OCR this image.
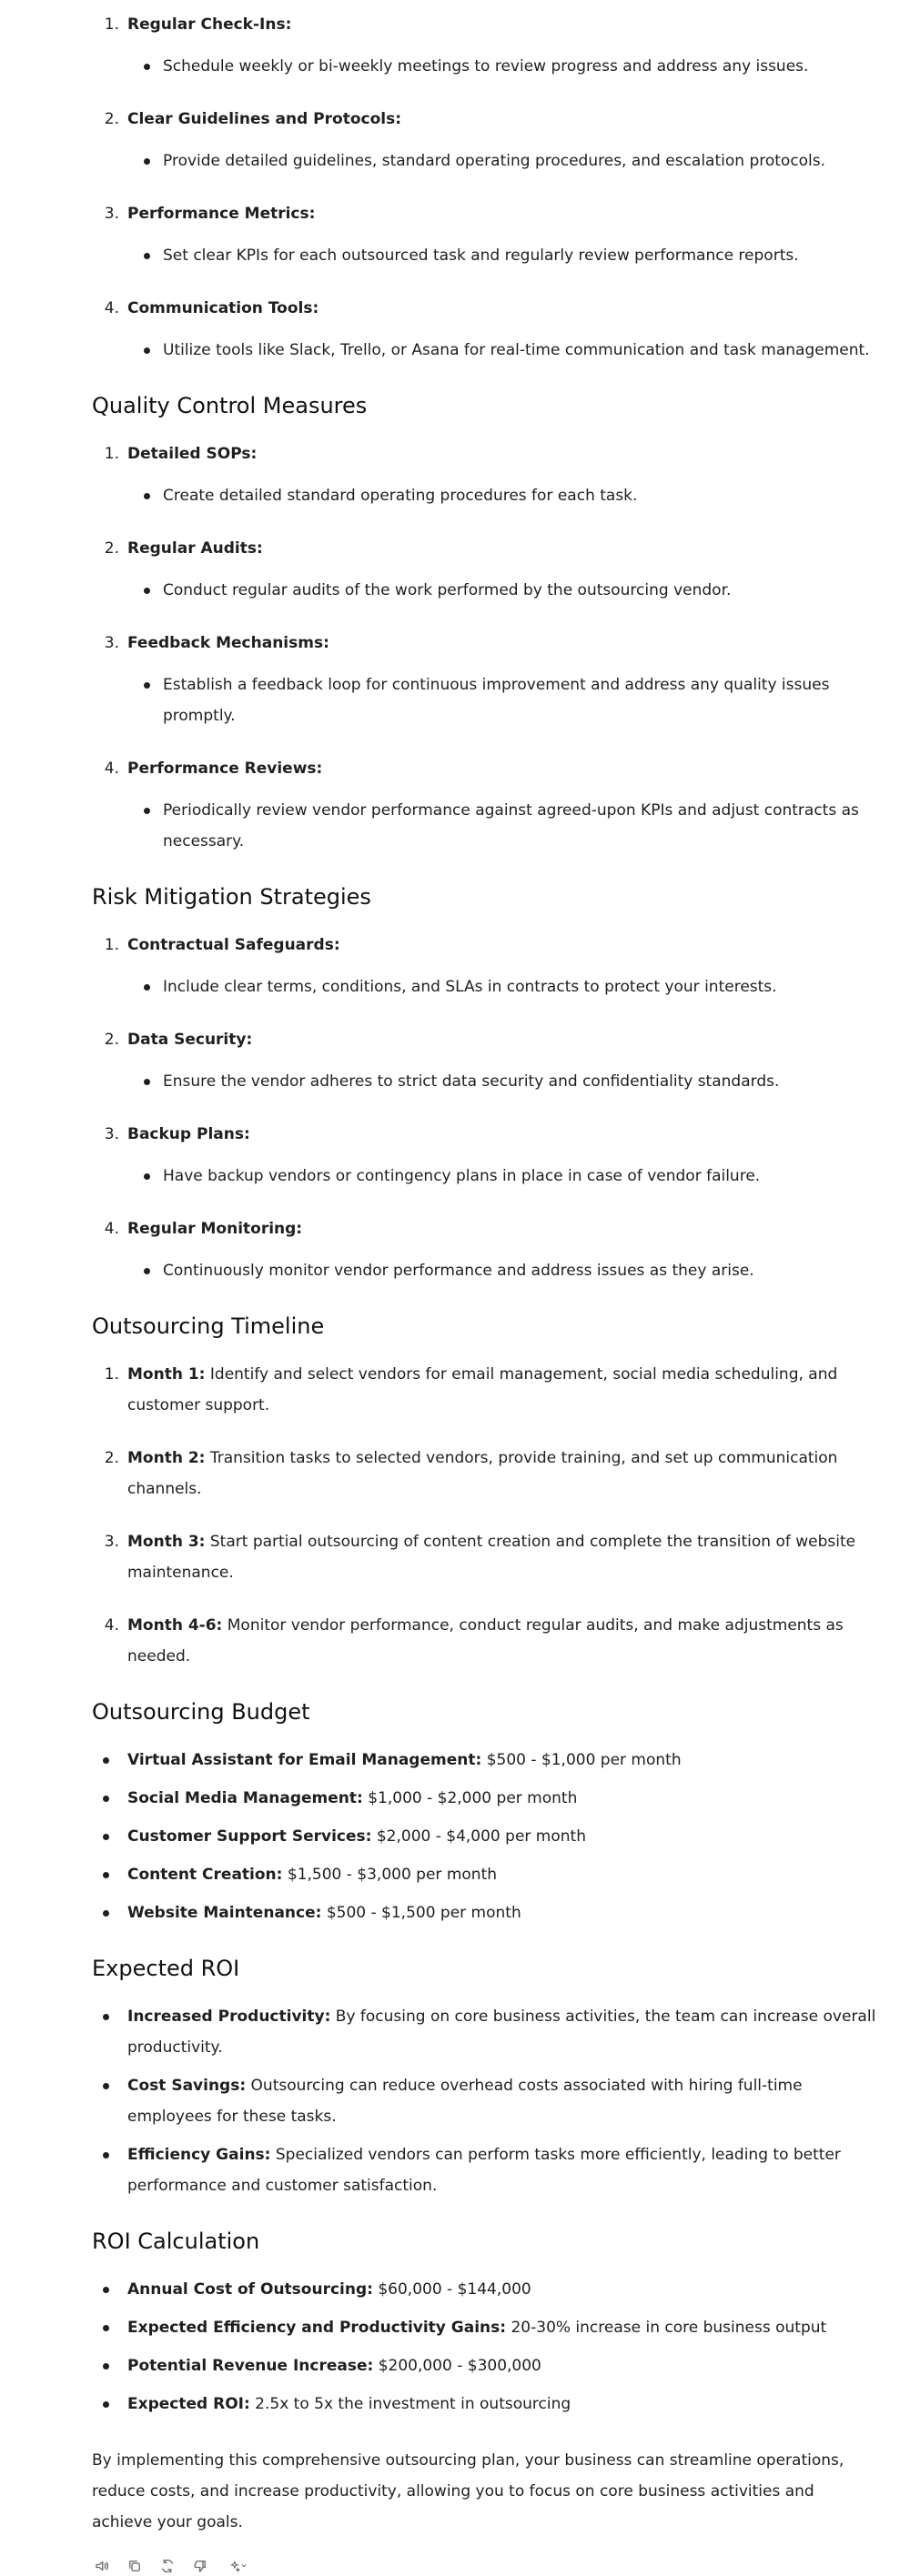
1. Regular Check-Ins:
Schedule weekly or bi-weekly meetings to review progress and address any issues.
2. Clear Guidelines and Protocols:
Provide detailed guidelines, standard operating procedures, and escalation protocols.
3. Performance Metrics:
Set clear KPIs for each outsourced task and regularly review performance reports.
4. Communication Tools:
Utilize tools like Slack, Trello, or Asana for real-time communication and task management.
Quality Control Measures
1. Detailed SOPs:
Create detailed standard operating procedures for each task.
2. Regular Audits:
Conduct regular audits of the work performed by the outsourcing vendor.
3. Feedback Mechanisms:
Establish a feedback loop for continuous improvement and address any quality issues promptly.
4. Performance Reviews:
Periodically review vendor performance against agreed-upon KPIs and adjust contracts as necessary.
Risk Mitigation Strategies
1. Contractual Safeguards:
Include clear terms, conditions, and SLAs in contracts to protect your interests.
2. Data Security:
Ensure the vendor adheres to strict data security and confidentiality standards.
3. Backup Plans:
Have backup vendors or contingency plans in place in case of vendor failure.
4. Regular Monitoring:
Continuously monitor vendor performance and address issues as they arise.
Outsourcing Timeline
1. Month 1: Identify and select vendors for email management, social media scheduling, and customer support.
2. Month 2: Transition tasks to selected vendors, provide training, and set up communication channels.
3. Month 3: Start partial outsourcing of content creation and complete the transition of website maintenance.
4. Month 4-6: Monitor vendor performance, conduct regular audits, and make adjustments as needed.
Outsourcing Budget
Virtual Assistant for Email Management: $500 - $1,000 per month
Social Media Management: $1,000 - $2,000 per month
Customer Support Services: $2,000 - $4,000 per month
Content Creation: $1,500 - $3,000 per month
Website Maintenance: $500 - $1,500 per month
Expected ROI
Increased Productivity: By focusing on core business activities, the team can increase overall productivity.
Cost Savings: Outsourcing can reduce overhead costs associated with hiring full-time employees for these tasks.
Efficiency Gains: Specialized vendors can perform tasks more efficiently, leading to better performance and customer satisfaction.
ROI Calculation
Annual Cost of Outsourcing: $60,000 - $144,000
Expected Efficiency and Productivity Gains: 20-30% increase in core business output
Potential Revenue Increase: $200,000 - $300,000
Expected ROI: 2.5x to 5x the investment in outsourcing

By implementing this comprehensive outsourcing plan, your business can streamline operations, reduce costs, and increase productivity, allowing you to focus on core business activities and achieve your goals.
